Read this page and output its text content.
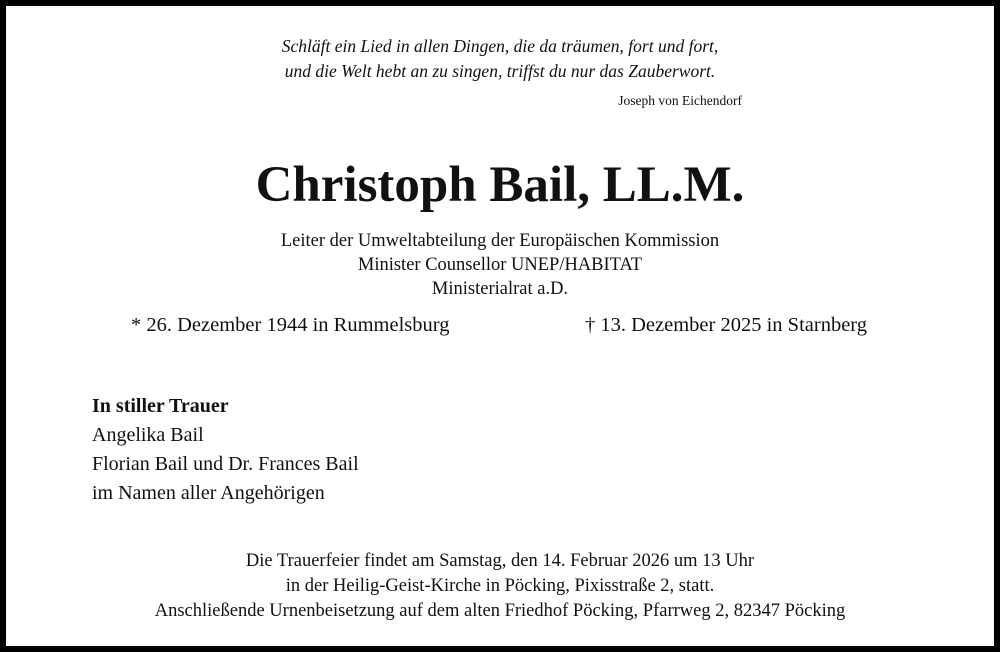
Schläft ein Lied in allen Dingen, die da träumen, fort und fort,
und die Welt hebt an zu singen, triffst du nur das Zauberwort.
Joseph von Eichendorf
Christoph Bail, LL.M.
Leiter der Umweltabteilung der Europäischen Kommission
Minister Counsellor UNEP/HABITAT
Ministerialrat a.D.
* 26. Dezember 1944 in Rummelsburg	† 13. Dezember 2025 in Starnberg
In stiller Trauer
Angelika Bail
Florian Bail und Dr. Frances Bail
im Namen aller Angehörigen
Die Trauerfeier findet am Samstag, den 14. Februar 2026 um 13 Uhr
in der Heilig-Geist-Kirche in Pöcking, Pixisstraße 2, statt.
Anschließende Urnenbeisetzung auf dem alten Friedhof Pöcking, Pfarrweg 2, 82347 Pöcking
